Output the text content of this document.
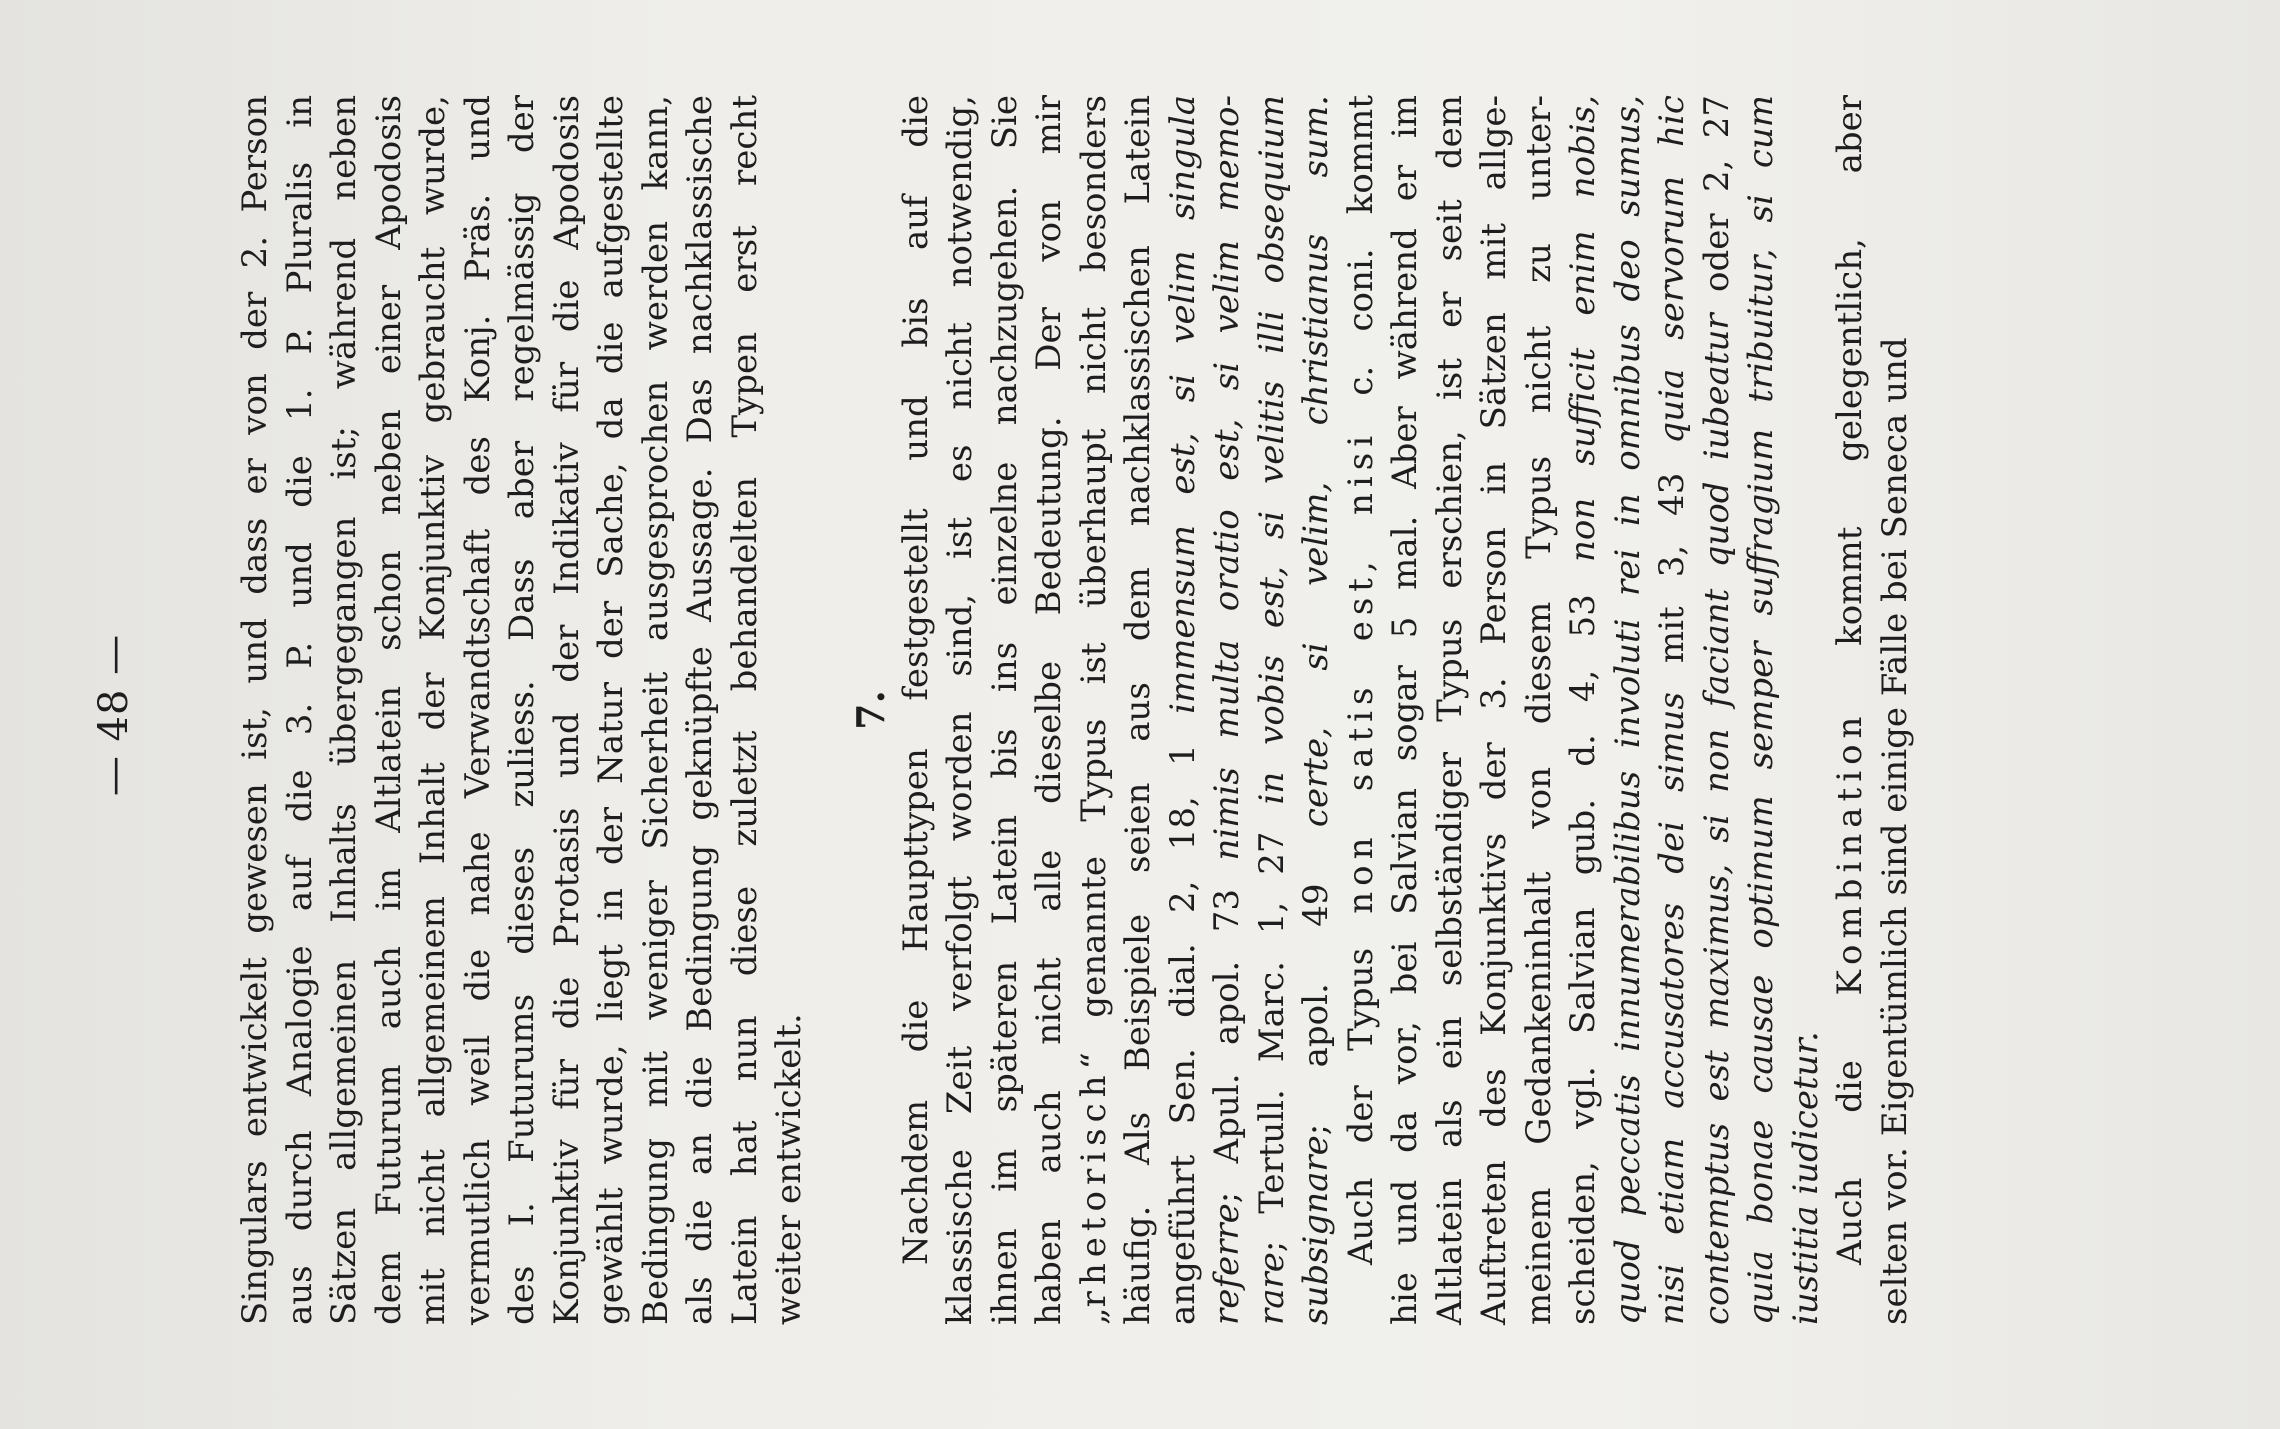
— 48 —	Singulars entwickelt gewesen ist, und dass er von der 2. Person aus durch Analogie auf die 3. P. und die 1. P. Pluralis in Sätzen allgemeinen Inhalts übergegangen ist; während neben dem Futurum auch im Altlatein schon neben einer Apodosis mit nicht allgemeinem Inhalt der Konjunktiv gebraucht wurde, vermutlich weil die nahe Verwandtschaft des Konj. Präs. und des I. Futurums dieses zuliess. Dass aber regelmässig der Konjunktiv für die Protasis und der Indikativ für die Apodosis gewählt wurde, liegt in der Natur der Sache, da die aufgestellte Bedingung mit weniger Sicherheit ausgesprochen werden kann, als die an die Bedingung geknüpfte Aussage. Das nachklassische Latein hat nun diese zuletzt behandelten Typen erst recht weiter entwickelt.
7. Nachdem die Haupttypen festgestellt und bis auf die klassische Zeit verfolgt worden sind, ist es nicht notwendig, ihnen im späteren Latein bis ins einzelne nachzugehen. Sie haben auch nicht alle dieselbe Bedeutung. Der von mir „rhetorisch“ genannte Typus ist überhaupt nicht besonders häufig. Als Beispiele seien aus dem nachklassischen Latein angeführt Sen. dial. 2, 18, 1 immensum est, si velim singula
referre; Apul. apol. 73 nimis multa oratio est, si velim memo-
rare; Tertull. Marc. 1, 27 in vobis est, si velitis illi obsequium
subsignare; apol. 49 certe, si velim, christianus sum.
Auch der Typus non satis est, nisi c. coni. kommt hie und da vor, bei Salvian sogar 5 mal. Aber während er im Altlatein als ein selbständiger Typus erschien, ist er seit dem Auftreten des Konjunktivs der 3. Person in Sätzen mit allge- meinem Gedankeninhalt von diesem Typus nicht zu unter- scheiden, vgl. Salvian gub. d. 4, 53 non sufficit enim nobis, quod peccatis innumerabilibus involuti rei in omnibus deo sumus, nisi etiam accusatores dei simus mit 3, 43 quia servorum hic
contemptus est maximus, si non faciant quod iubeatur oder 2, 27 quia bonae causae optimum semper suffragium tribuitur, si cum iustitia iudicetur. Auch die Kombination kommt gelegentlich, aber selten vor. Eigentümlich sind einige Fälle bei Seneca und
